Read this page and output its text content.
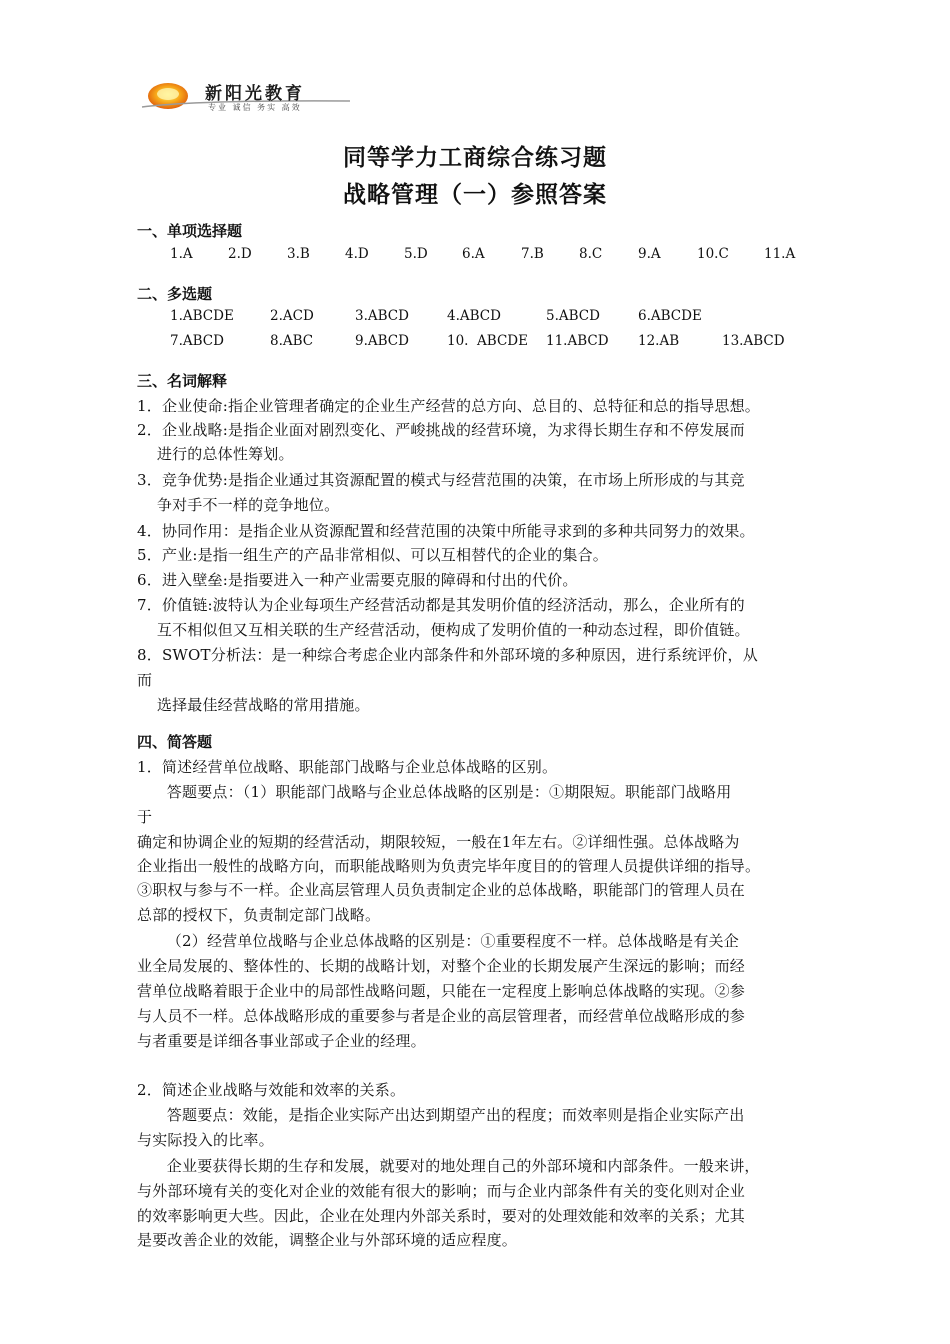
新阳光教育
专业 诚信 务实 高效
同等学力工商综合练习题
战略管理（一）参照答案
一、单项选择题
1.A	2.D	3.B	4.D	5.D	6.A	7.B	8.C	9.A	10.C	11.A
二、多选题
1.ABCDE	2.ACD	3.ABCD	4.ABCD	5.ABCD	6.ABCDE
7.ABCD	8.ABC	9.ABCD	10.  ABCDE 11.ABCD 12.AB	13.ABCD
三、名词解释
1．企业使命:指企业管理者确定的企业生产经营的总方向、总目的、总特征和总的指导思想。
2．企业战略:是指企业面对剧烈变化、严峻挑战的经营环境，为求得长期生存和不停发展而
进行的总体性筹划。
3．竞争优势:是指企业通过其资源配置的模式与经营范围的决策，在市场上所形成的与其竞
争对手不一样的竞争地位。
4．协同作用：是指企业从资源配置和经营范围的决策中所能寻求到的多种共同努力的效果。
5．产业:是指一组生产的产品非常相似、可以互相替代的企业的集合。
6．进入壁垒:是指要进入一种产业需要克服的障碍和付出的代价。
7．价值链:波特认为企业每项生产经营活动都是其发明价值的经济活动，那么，企业所有的
互不相似但又互相关联的生产经营活动，便构成了发明价值的一种动态过程，即价值链。
8．SWOT分析法：是一种综合考虑企业内部条件和外部环境的多种原因，进行系统评价，从
而
选择最佳经营战略的常用措施。
四、简答题
1．简述经营单位战略、职能部门战略与企业总体战略的区别。
答题要点：（1）职能部门战略与企业总体战略的区别是：①期限短。职能部门战略用
于
确定和协调企业的短期的经营活动，期限较短，一般在1年左右。②详细性强。总体战略为
企业指出一般性的战略方向，而职能战略则为负责完毕年度目的的管理人员提供详细的指导。
③职权与参与不一样。企业高层管理人员负责制定企业的总体战略，职能部门的管理人员在
总部的授权下，负责制定部门战略。
（2）经营单位战略与企业总体战略的区别是：①重要程度不一样。总体战略是有关企
业全局发展的、整体性的、长期的战略计划，对整个企业的长期发展产生深远的影响；而经
营单位战略着眼于企业中的局部性战略问题，只能在一定程度上影响总体战略的实现。②参
与人员不一样。总体战略形成的重要参与者是企业的高层管理者，而经营单位战略形成的参
与者重要是详细各事业部或子企业的经理。
2．简述企业战略与效能和效率的关系。
答题要点：效能，是指企业实际产出达到期望产出的程度；而效率则是指企业实际产出
与实际投入的比率。
企业要获得长期的生存和发展，就要对的地处理自己的外部环境和内部条件。一般来讲，
与外部环境有关的变化对企业的效能有很大的影响；而与企业内部条件有关的变化则对企业
的效率影响更大些。因此，企业在处理内外部关系时，要对的处理效能和效率的关系；尤其
是要改善企业的效能，调整企业与外部环境的适应程度。
